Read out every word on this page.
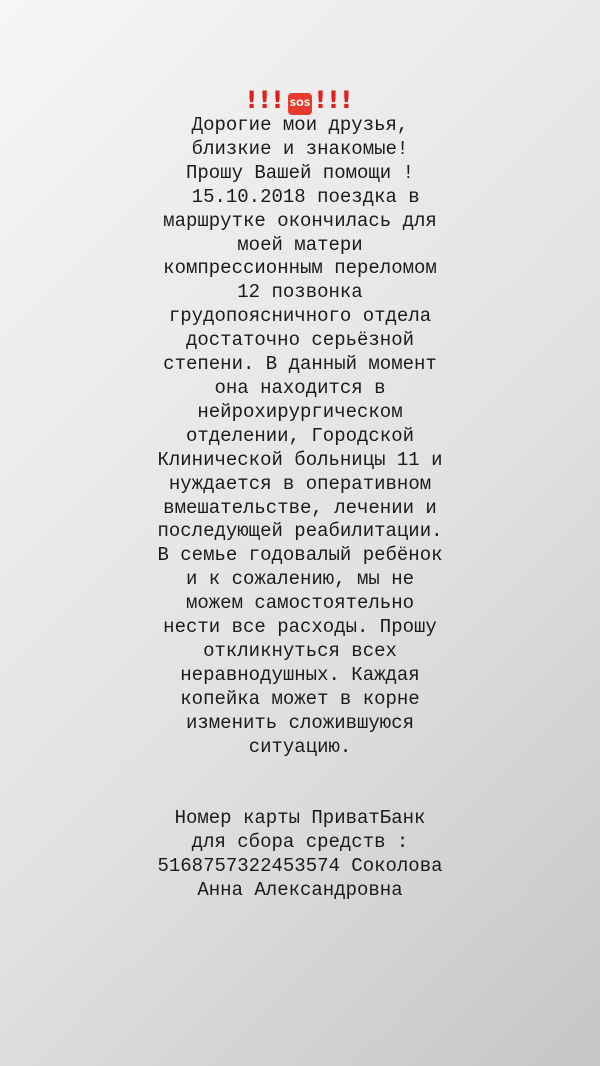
!!! SOS !!!
Дорогие мои друзья,
близкие и знакомые!
Прошу Вашей помощи !
15.10.2018 поездка в
маршрутке окончилась для
моей матери
компрессионным переломом
12 позвонка
грудопоясничного отдела
достаточно серьёзной
степени. В данный момент
она находится в
нейрохирургическом
отделении, Городской
Клинической больницы 11 и
нуждается в оперативном
вмешательстве, лечении и
последующей реабилитации.
В семье годовалый ребёнок
и к сожалению, мы не
можем самостоятельно
нести все расходы. Прошу
откликнуться всех
неравнодушных. Каждая
копейка может в корне
изменить сложившуюся
ситуацию.
Номер карты ПриватБанк
для сбора средств :
5168757322453574 Соколова
Анна Александровна
